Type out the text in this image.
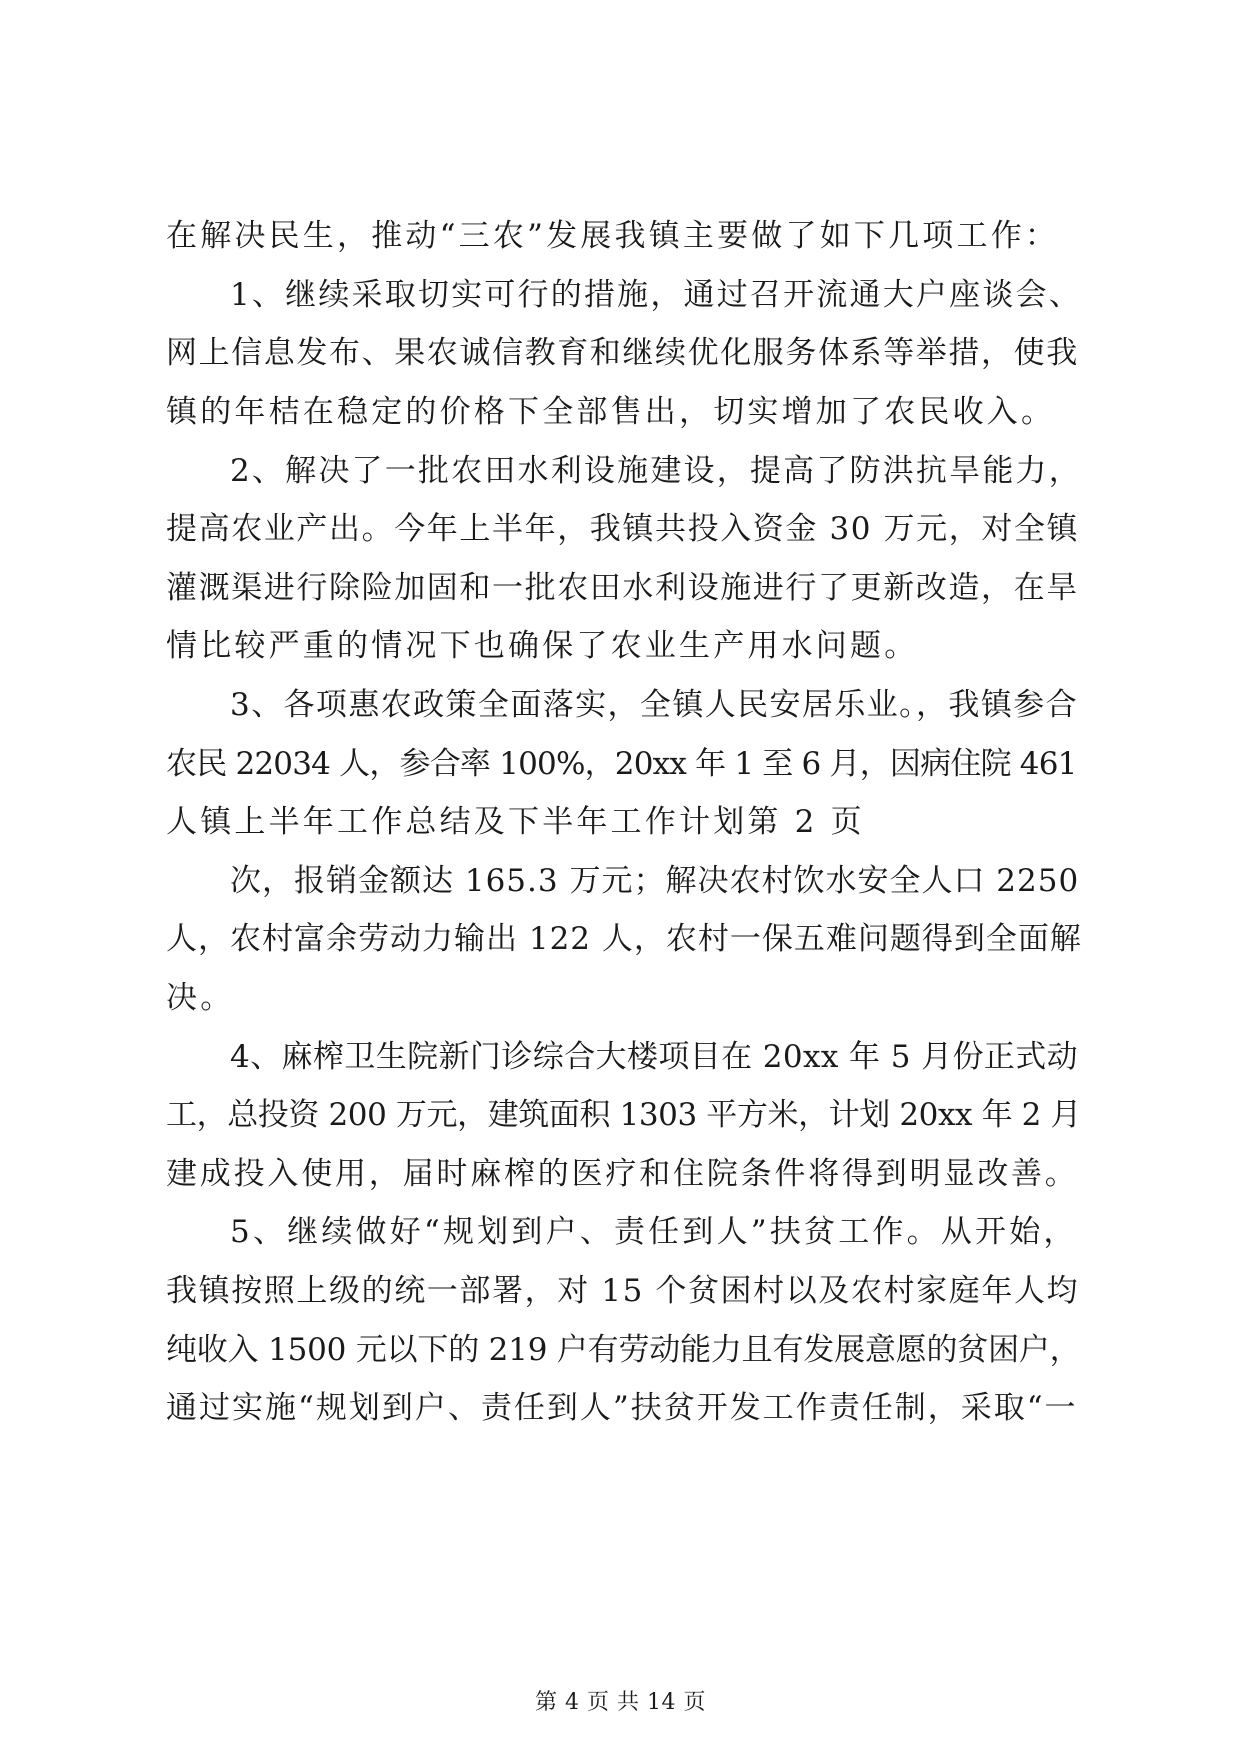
在解决民生，推动“三农”发展我镇主要做了如下几项工作：
1、继续采取切实可行的措施，通过召开流通大户座谈会、
网上信息发布、果农诚信教育和继续优化服务体系等举措，使我
镇的年桔在稳定的价格下全部售出，切实增加了农民收入。
2、解决了一批农田水利设施建设，提高了防洪抗旱能力，
提高农业产出。今年上半年，我镇共投入资金 30 万元，对全镇
灌溉渠进行除险加固和一批农田水利设施进行了更新改造，在旱
情比较严重的情况下也确保了农业生产用水问题。
3、各项惠农政策全面落实，全镇人民安居乐业。，我镇参合
农民 22034 人，参合率 100%，20xx 年 1 至 6 月，因病住院 461
人镇上半年工作总结及下半年工作计划第 2 页
次，报销金额达 165.3 万元；解决农村饮水安全人口 2250
人，农村富余劳动力输出 122 人，农村一保五难问题得到全面解
决。
4、麻榨卫生院新门诊综合大楼项目在 20xx 年 5 月份正式动
工，总投资 200 万元，建筑面积 1303 平方米，计划 20xx 年 2 月
建成投入使用，届时麻榨的医疗和住院条件将得到明显改善。
5、继续做好“规划到户、责任到人”扶贫工作。从开始，
我镇按照上级的统一部署，对 15 个贫困村以及农村家庭年人均
纯收入 1500 元以下的 219 户有劳动能力且有发展意愿的贫困户，
通过实施“规划到户、责任到人”扶贫开发工作责任制，采取“一
第 4 页 共 14 页
